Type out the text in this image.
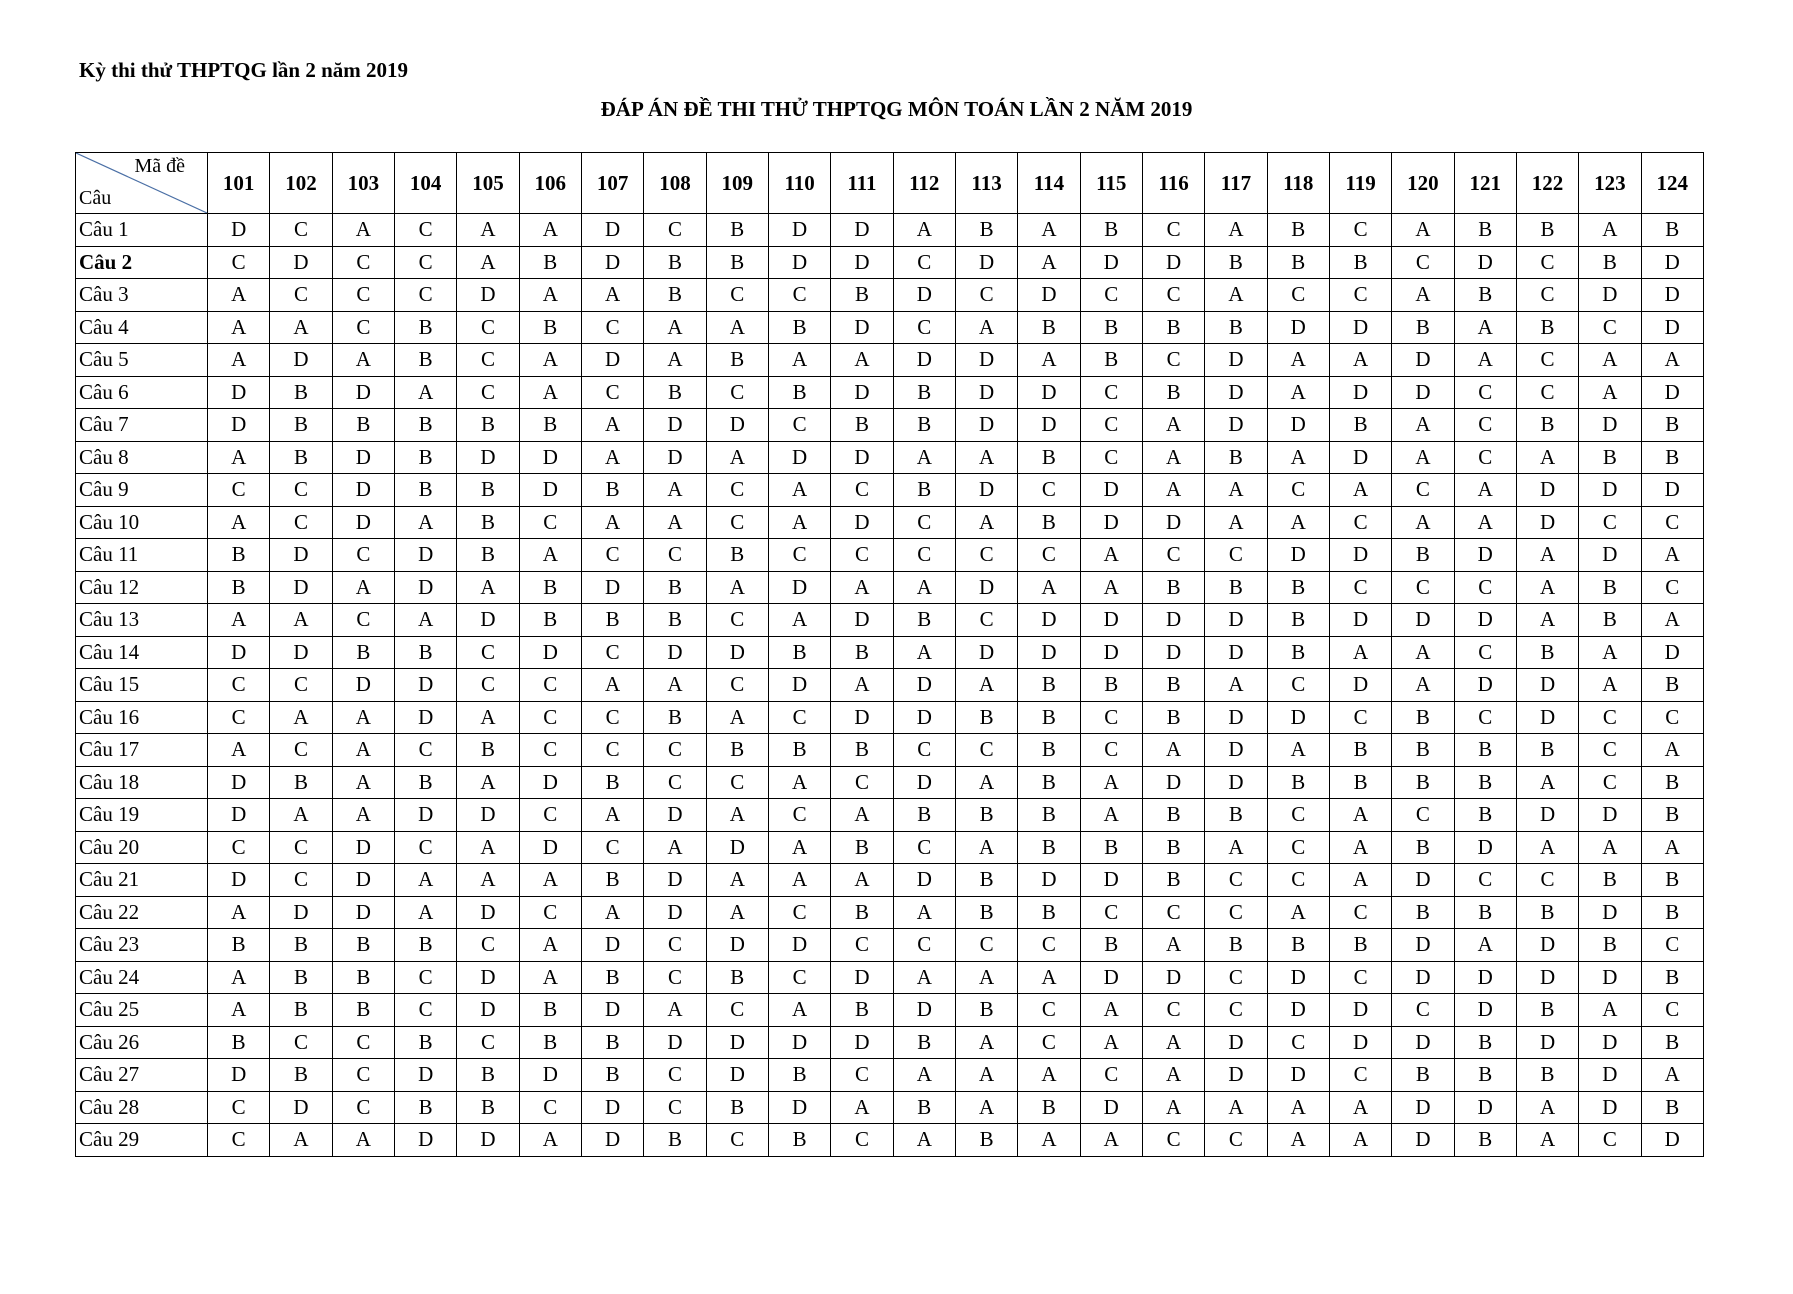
Kỳ thi thử THPTQG lần 2 năm 2019
ĐÁP ÁN ĐỀ THI THỬ THPTQG MÔN TOÁN LẦN 2 NĂM 2019
Mã đề
Câu	101	102	103	104	105	106	107	108	109	110	111	112	113	114	115	116	117	118	119	120	121	122	123	124
Câu 1	D	C	A	C	A	A	D	C	B	D	D	A	B	A	B	C	A	B	C	A	B	B	A	B
Câu 2	C	D	C	C	A	B	D	B	B	D	D	C	D	A	D	D	B	B	B	C	D	C	B	D
Câu 3	A	C	C	C	D	A	A	B	C	C	B	D	C	D	C	C	A	C	C	A	B	C	D	D
Câu 4	A	A	C	B	C	B	C	A	A	B	D	C	A	B	B	B	B	D	D	B	A	B	C	D
Câu 5	A	D	A	B	C	A	D	A	B	A	A	D	D	A	B	C	D	A	A	D	A	C	A	A
Câu 6	D	B	D	A	C	A	C	B	C	B	D	B	D	D	C	B	D	A	D	D	C	C	A	D
Câu 7	D	B	B	B	B	B	A	D	D	C	B	B	D	D	C	A	D	D	B	A	C	B	D	B
Câu 8	A	B	D	B	D	D	A	D	A	D	D	A	A	B	C	A	B	A	D	A	C	A	B	B
Câu 9	C	C	D	B	B	D	B	A	C	A	C	B	D	C	D	A	A	C	A	C	A	D	D	D
Câu 10	A	C	D	A	B	C	A	A	C	A	D	C	A	B	D	D	A	A	C	A	A	D	C	C
Câu 11	B	D	C	D	B	A	C	C	B	C	C	C	C	C	A	C	C	D	D	B	D	A	D	A
Câu 12	B	D	A	D	A	B	D	B	A	D	A	A	D	A	A	B	B	B	C	C	C	A	B	C
Câu 13	A	A	C	A	D	B	B	B	C	A	D	B	C	D	D	D	D	B	D	D	D	A	B	A
Câu 14	D	D	B	B	C	D	C	D	D	B	B	A	D	D	D	D	D	B	A	A	C	B	A	D
Câu 15	C	C	D	D	C	C	A	A	C	D	A	D	A	B	B	B	A	C	D	A	D	D	A	B
Câu 16	C	A	A	D	A	C	C	B	A	C	D	D	B	B	C	B	D	D	C	B	C	D	C	C
Câu 17	A	C	A	C	B	C	C	C	B	B	B	C	C	B	C	A	D	A	B	B	B	B	C	A
Câu 18	D	B	A	B	A	D	B	C	C	A	C	D	A	B	A	D	D	B	B	B	B	A	C	B
Câu 19	D	A	A	D	D	C	A	D	A	C	A	B	B	B	A	B	B	C	A	C	B	D	D	B
Câu 20	C	C	D	C	A	D	C	A	D	A	B	C	A	B	B	B	A	C	A	B	D	A	A	A
Câu 21	D	C	D	A	A	A	B	D	A	A	A	D	B	D	D	B	C	C	A	D	C	C	B	B
Câu 22	A	D	D	A	D	C	A	D	A	C	B	A	B	B	C	C	C	A	C	B	B	B	D	B
Câu 23	B	B	B	B	C	A	D	C	D	D	C	C	C	C	B	A	B	B	B	D	A	D	B	C
Câu 24	A	B	B	C	D	A	B	C	B	C	D	A	A	A	D	D	C	D	C	D	D	D	D	B
Câu 25	A	B	B	C	D	B	D	A	C	A	B	D	B	C	A	C	C	D	D	C	D	B	A	C
Câu 26	B	C	C	B	C	B	B	D	D	D	D	B	A	C	A	A	D	C	D	D	B	D	D	B
Câu 27	D	B	C	D	B	D	B	C	D	B	C	A	A	A	C	A	D	D	C	B	B	B	D	A
Câu 28	C	D	C	B	B	C	D	C	B	D	A	B	A	B	D	A	A	A	A	D	D	A	D	B
Câu 29	C	A	A	D	D	A	D	B	C	B	C	A	B	A	A	C	C	A	A	D	B	A	C	D
